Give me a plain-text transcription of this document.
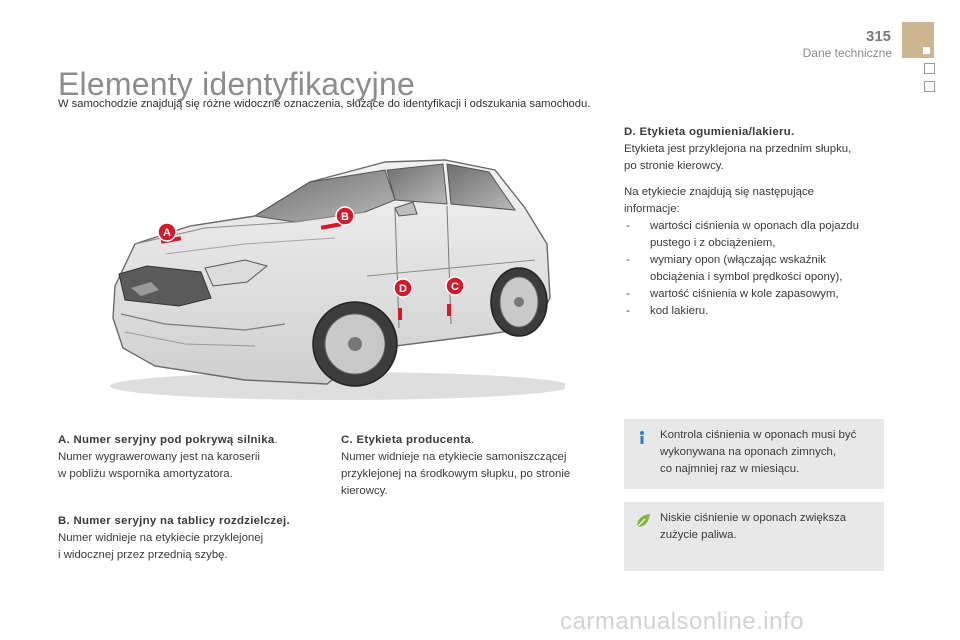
315
Dane techniczne
Elementy identyfikacyjne
W samochodzie znajdują się różne widoczne oznaczenia, służące do identyfikacji i odszukania samochodu.
A
B
C
D

D. Etykieta ogumienia/lakieru.

Etykieta jest przyklejona na przednim słupku,

po stronie kierowcy.

Na etykiecie znajdują się następujące

informacje:

- wartości ciśnienia w oponach dla pojazdu
pustego i z obciążeniem,
- wymiary opon (włączając wskaźnik
obciążenia i symbol prędkości opony),
- wartość ciśnienia w kole zapasowym,
- kod lakieru.

A. Numer seryjny pod pokrywą silnika.

Numer wygrawerowany jest na karoserii

w pobliżu wspornika amortyzatora.

B. Numer seryjny na tablicy rozdzielczej.

Numer widnieje na etykiecie przyklejonej

i widocznej przez przednią szybę.

C. Etykieta producenta.

Numer widnieje na etykiecie samoniszczącej

przyklejonej na środkowym słupku, po stronie

kierowcy.

Kontrola ciśnienia w oponach musi być

wykonywana na oponach zimnych,

co najmniej raz w miesiącu.

Niskie ciśnienie w oponach zwiększa

zużycie paliwa.

carmanualsonline.info
